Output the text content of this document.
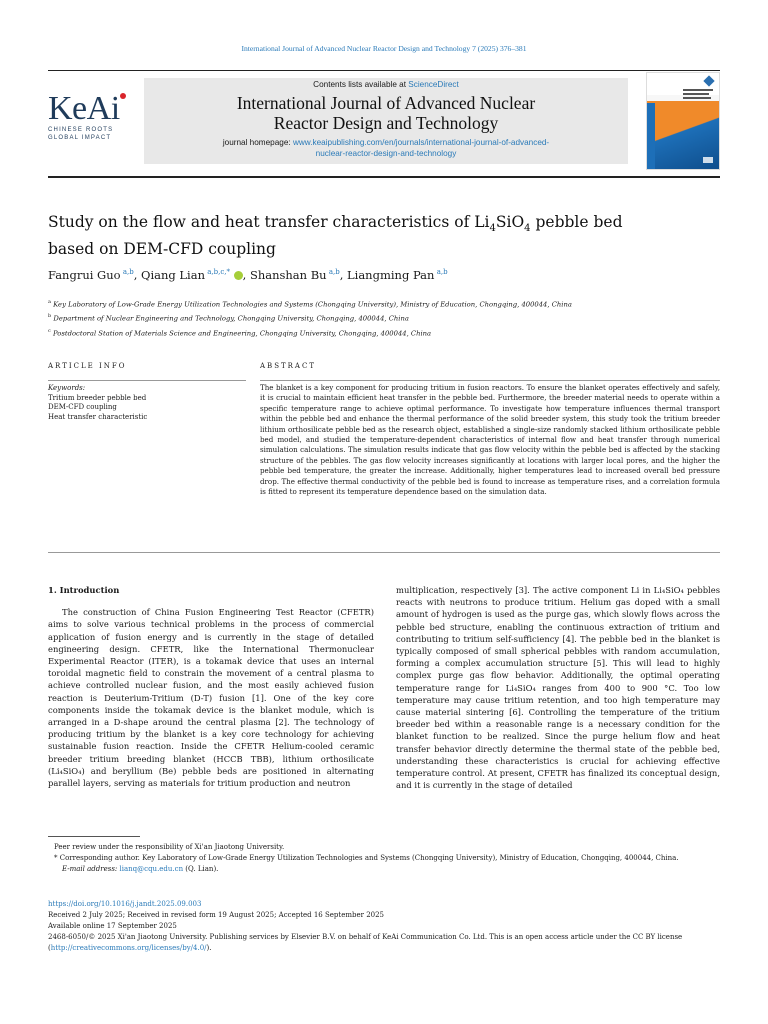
International Journal of Advanced Nuclear Reactor Design and Technology 7 (2025) 376–381
KeAi
CHINESE ROOTS
GLOBAL IMPACT
Contents lists available at ScienceDirect
International Journal of Advanced Nuclear
Reactor Design and Technology
journal homepage: www.keaipublishing.com/en/journals/international-journal-of-advanced-
nuclear-reactor-design-and-technology
Study on the flow and heat transfer characteristics of $Li_4SiO_4$ pebble bed
based on DEM-CFD coupling
Fangrui Guo $^{a,b}$, Qiang Lian $^{a,b,c,*}$ , Shanshan Bu $^{a,b}$, Liangming Pan $^{a,b}$
$^a$ Key Laboratory of Low-Grade Energy Utilization Technologies and Systems (Chongqing University), Ministry of Education, Chongqing, 400044, China
$^b$ Department of Nuclear Engineering and Technology, Chongqing University, Chongqing, 400044, China
$^c$ Postdoctoral Station of Materials Science and Engineering, Chongqing University, Chongqing, 400044, China
ARTICLE INFO	ABSTRACT
Keywords:
Tritium breeder pebble bed
DEM-CFD coupling
Heat transfer characteristic
The blanket is a key component for producing tritium in fusion reactors. To ensure the blanket operates effectively and safely, it is crucial to maintain efficient heat transfer in the pebble bed. Furthermore, the breeder material needs to operate within a specific temperature range to achieve optimal performance. To investigate how temperature influences thermal transport within the pebble bed and enhance the thermal performance of the solid breeder system, this study took the tritium breeder lithium orthosilicate pebble bed as the research object, established a single-size randomly stacked lithium orthosilicate pebble bed model, and studied the temperature-dependent characteristics of internal flow and heat transfer through numerical simulation calculations. The simulation results indicate that gas flow velocity within the pebble bed is affected by the stacking structure of the pebbles. The gas flow velocity increases significantly at locations with larger local pores, and the higher the pebble bed temperature, the greater the increase. Additionally, higher temperatures lead to increased overall bed pressure drop. The effective thermal conductivity of the pebble bed is found to increase as temperature rises, and a correlation formula is fitted to represent its temperature dependence based on the simulation data.
1. Introduction
The construction of China Fusion Engineering Test Reactor (CFETR) aims to solve various technical problems in the process of commercial application of fusion energy and is currently in the stage of detailed engineering design. CFETR, like the International Thermonuclear Experimental Reactor (ITER), is a tokamak device that uses an internal toroidal magnetic field to constrain the movement of a central plasma to achieve controlled nuclear fusion, and the most easily achieved fusion reaction is Deuterium-Tritium (D-T) fusion [1]. One of the key core components inside the tokamak device is the blanket module, which is arranged in a D-shape around the central plasma [2]. The technology of producing tritium by the blanket is a key core technology for achieving sustainable fusion reaction. Inside the CFETR Helium-cooled ceramic breeder tritium breeding blanket (HCCB TBB), lithium orthosilicate (Li₄SiO₄) and beryllium (Be) pebble beds are positioned in alternating parallel layers, serving as materials for tritium production and neutron
multiplication, respectively [3]. The active component Li in Li₄SiO₄ pebbles reacts with neutrons to produce tritium. Helium gas doped with a small amount of hydrogen is used as the purge gas, which slowly flows across the pebble bed structure, enabling the continuous extraction of tritium and contributing to tritium self-sufficiency [4]. The pebble bed in the blanket is typically composed of small spherical pebbles with random accumulation, forming a complex accumulation structure [5]. This will lead to highly complex purge gas flow behavior. Additionally, the optimal operating temperature range for Li₄SiO₄ ranges from 400 to 900 °C. Too low temperature may cause tritium retention, and too high temperature may cause material sintering [6]. Controlling the temperature of the tritium breeder bed within a reasonable range is a necessary condition for the blanket function to be realized. Since the purge helium flow and heat transfer behavior directly determine the thermal state of the pebble bed, understanding these characteristics is crucial for achieving effective temperature control. At present, CFETR has finalized its conceptual design, and it is currently in the stage of detailed

Peer review under the responsibility of Xi'an Jiaotong University.

* Corresponding author. Key Laboratory of Low-Grade Energy Utilization Technologies and Systems (Chongqing University), Ministry of Education, Chongqing, 400044, China.

E-mail address: lianq@cqu.edu.cn (Q. Lian).

https://doi.org/10.1016/j.jandt.2025.09.003

Received 2 July 2025; Received in revised form 19 August 2025; Accepted 16 September 2025

Available online 17 September 2025

2468-6050/© 2025 Xi'an Jiaotong University. Publishing services by Elsevier B.V. on behalf of KeAi Communication Co. Ltd. This is an open access article under the CC BY license (http://creativecommons.org/licenses/by/4.0/).
